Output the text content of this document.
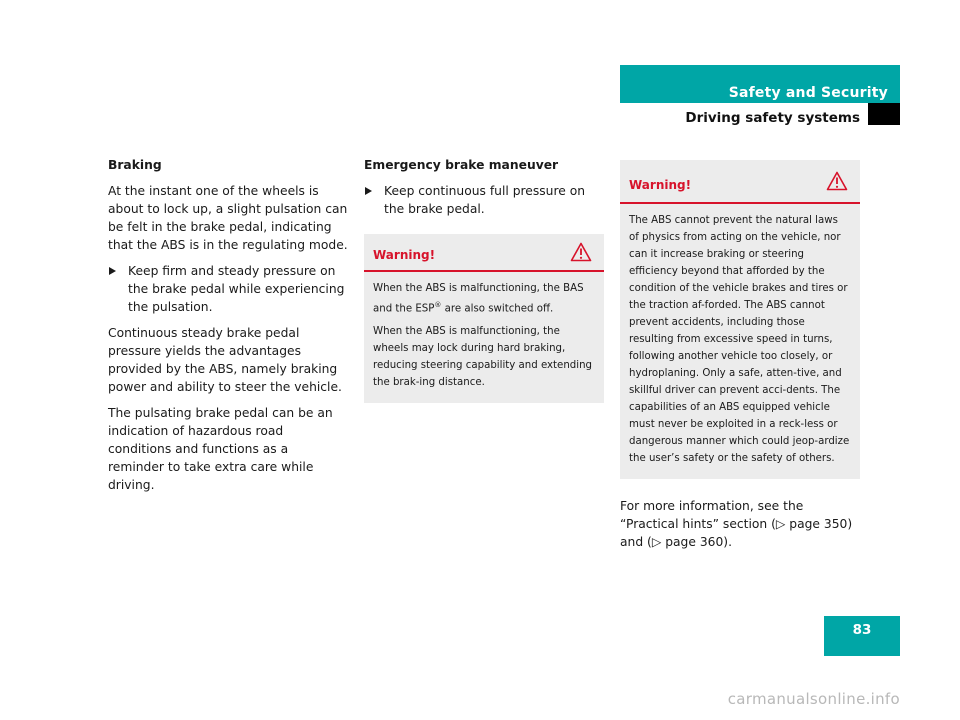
Safety and Security
Driving safety systems
Braking

At the instant one of the wheels is about to lock up, a slight pulsation can be felt in the brake pedal, indicating that the ABS is in the regulating mode.

Keep firm and steady pressure on the brake pedal while experiencing the pulsation.

Continuous steady brake pedal pressure yields the advantages provided by the ABS, namely braking power and ability to steer the vehicle.

The pulsating brake pedal can be an indication of hazardous road conditions and functions as a reminder to take extra care while driving.

Emergency brake maneuver
Keep continuous full pressure on the brake pedal.
Warning!

When the ABS is malfunctioning, the BAS and the ESP® are also switched off.

When the ABS is malfunctioning, the wheels may lock during hard braking, reducing steering capability and extending the brak-ing distance.

Warning!

The ABS cannot prevent the natural laws of physics from acting on the vehicle, nor can it increase braking or steering efficiency beyond that afforded by the condition of the vehicle brakes and tires or the traction af-forded. The ABS cannot prevent accidents, including those resulting from excessive speed in turns, following another vehicle too closely, or hydroplaning. Only a safe, atten-tive, and skillful driver can prevent acci-dents. The capabilities of an ABS equipped vehicle must never be exploited in a reck-less or dangerous manner which could jeop-ardize the user’s safety or the safety of others.

For more information, see the “Practical hints” section (▷ page 350) and (▷ page 360).

83
carmanualsonline.info
